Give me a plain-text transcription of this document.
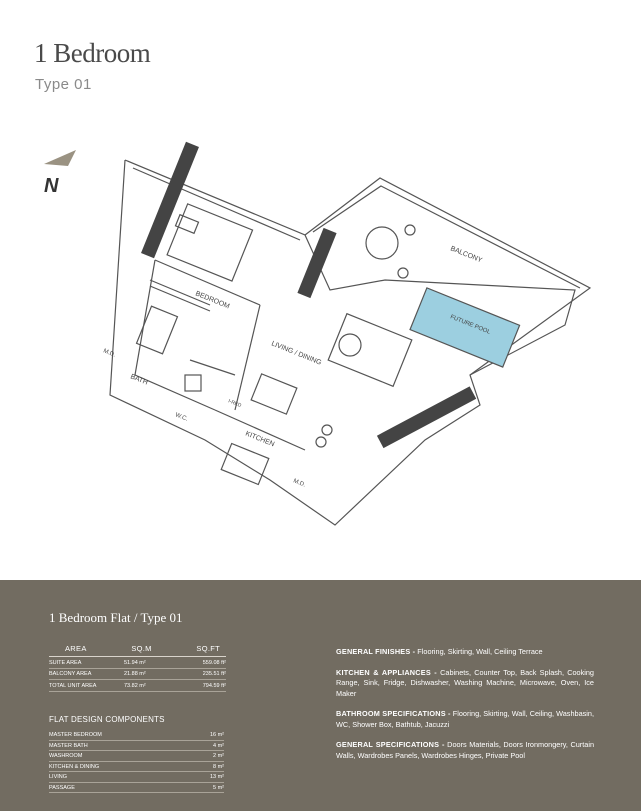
1 Bedroom
Type 01
N
BEDROOM
LIVING / DINING
KITCHEN
BALCONY
FUTURE POOL
BATH
W.C.
M.D.
M.D.
I-RED
1 Bedroom Flat / Type 01
AREA	SQ.M	SQ.FT
SUITE AREA	51.94 m²	559.08 ft²
BALCONY AREA	21.88 m²	235.51 ft²
TOTAL UNIT AREA	73.82 m²	794.59 ft²
FLAT DESIGN COMPONENTS
MASTER BEDROOM	16 m²
MASTER BATH	4 m²
WASHROOM	2 m²
KITCHEN & DINING	8 m²
LIVING	13 m²
PASSAGE	5 m²
GENERAL FINISHES - Flooring, Skirting, Wall, Ceiling Terrace
KITCHEN & APPLIANCES - Cabinets, Counter Top, Back Splash, Cooking Range, Sink, Fridge, Dishwasher, Washing Machine, Microwave, Oven, Ice Maker
BATHROOM SPECIFICATIONS - Flooring, Skirting, Wall, Ceiling, Washbasin, WC, Shower Box, Bathtub, Jacuzzi
GENERAL SPECIFICATIONS - Doors Materials, Doors Ironmongery, Curtain Walls, Wardrobes Panels, Wardrobes Hinges, Private Pool
